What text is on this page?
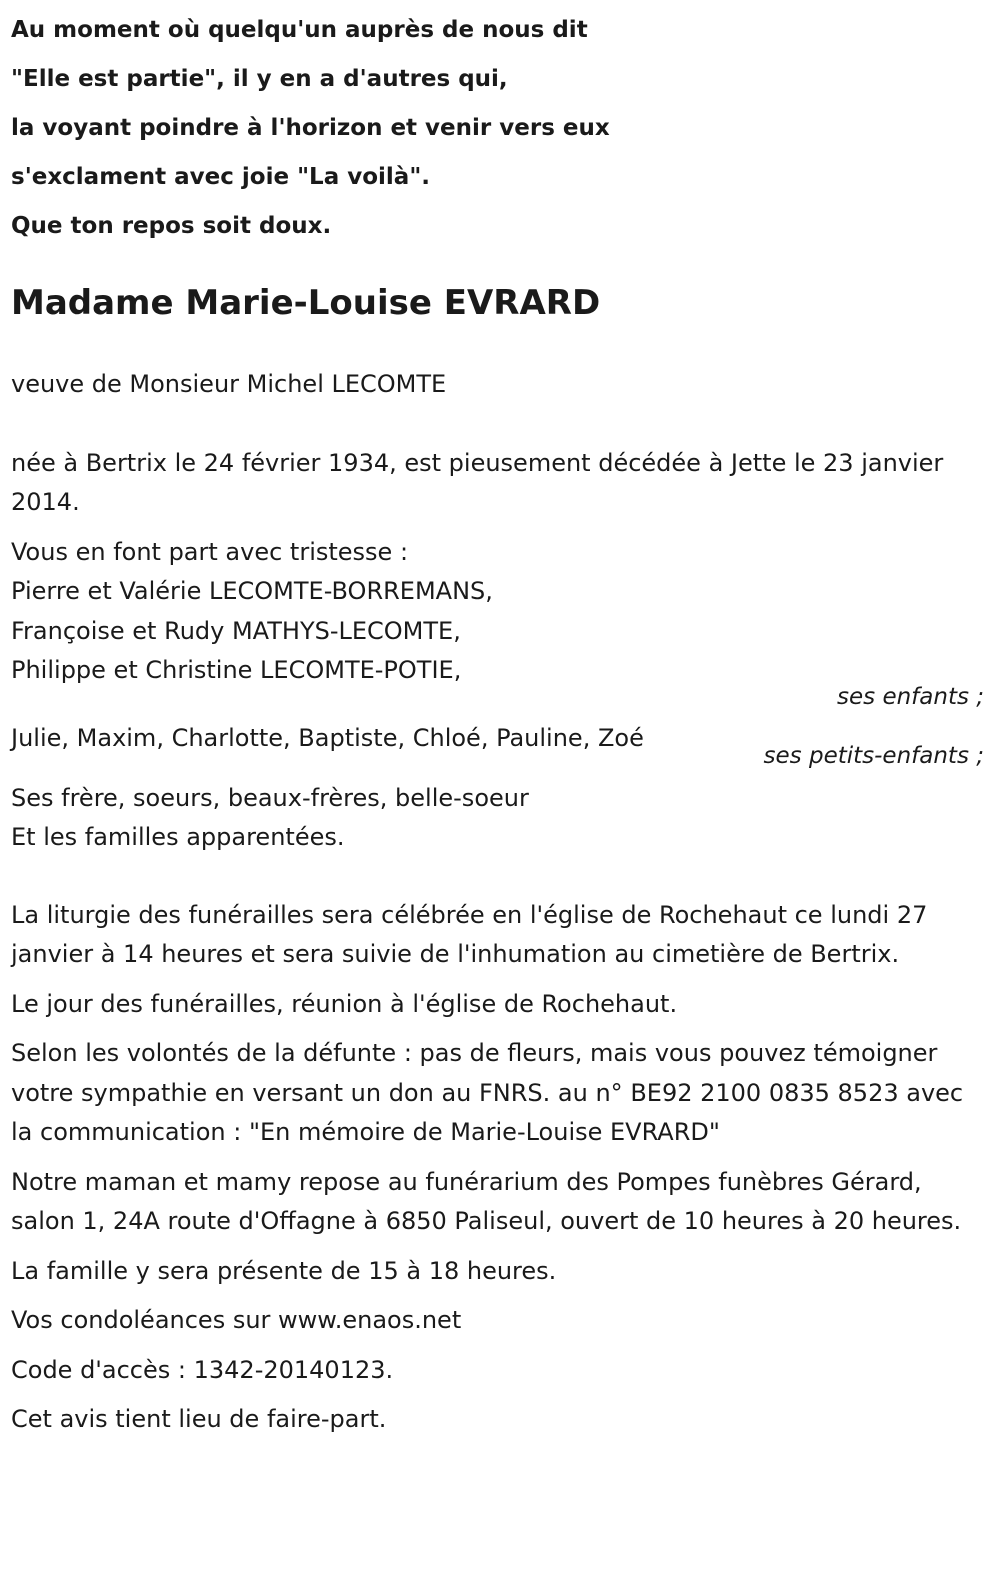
Au moment où quelqu'un auprès de nous dit
"Elle est partie", il y en a d'autres qui,
la voyant poindre à l'horizon et venir vers eux
s'exclament avec joie "La voilà".
Que ton repos soit doux.
Madame Marie-Louise EVRARD

veuve de Monsieur Michel LECOMTE

née à Bertrix le 24 février 1934, est pieusement décédée à Jette le 23 janvier 2014.

Vous en font part avec tristesse :
Pierre et Valérie LECOMTE-BORREMANS,
Françoise et Rudy MATHYS-LECOMTE,
Philippe et Christine LECOMTE-POTIE,
ses enfants ;
Julie, Maxim, Charlotte, Baptiste, Chloé, Pauline, Zoé
ses petits-enfants ;
Ses frère, soeurs, beaux-frères, belle-soeur
Et les familles apparentées.

La liturgie des funérailles sera célébrée en l'église de Rochehaut ce lundi 27 janvier à 14 heures et sera suivie de l'inhumation au cimetière de Bertrix.

Le jour des funérailles, réunion à l'église de Rochehaut.

Selon les volontés de la défunte : pas de fleurs, mais vous pouvez témoigner votre sympathie en versant un don au FNRS. au n° BE92 2100 0835 8523 avec la communication : "En mémoire de Marie-Louise EVRARD"

Notre maman et mamy repose au funérarium des Pompes funèbres Gérard, salon 1, 24A route d'Offagne à 6850 Paliseul, ouvert de 10 heures à 20 heures.

La famille y sera présente de 15 à 18 heures.

Vos condoléances sur www.enaos.net

Code d'accès : 1342-20140123.

Cet avis tient lieu de faire-part.
